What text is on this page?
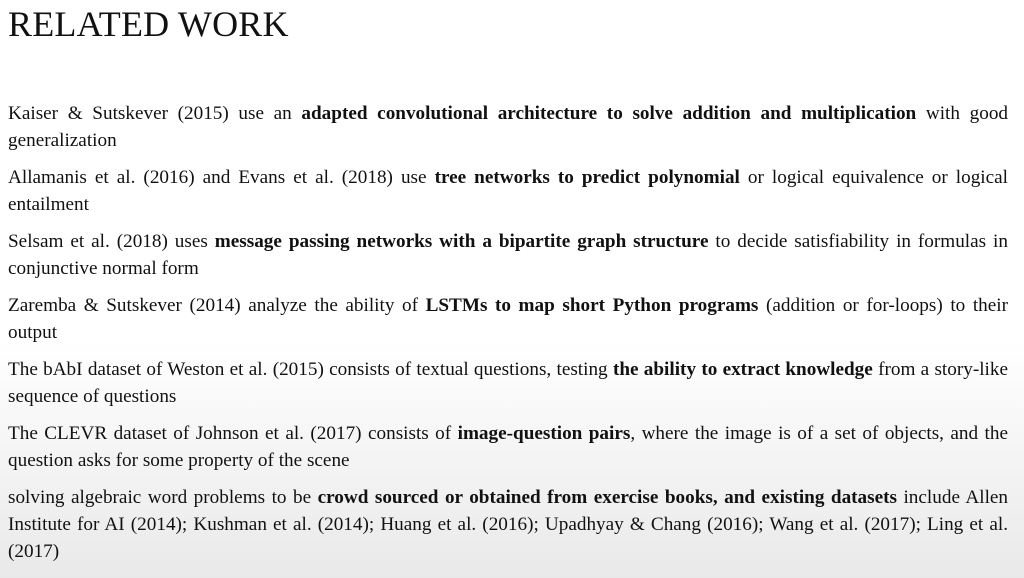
RELATED WORK

Kaiser & Sutskever (2015) use an adapted convolutional architecture to solve addition and multiplication with good generalization

Allamanis et al. (2016) and Evans et al. (2018) use tree networks to predict polynomial or logical equivalence or logical entailment

Selsam et al. (2018) uses message passing networks with a bipartite graph structure to decide satisfiability in formulas in conjunctive normal form

Zaremba & Sutskever (2014) analyze the ability of LSTMs to map short Python programs (addition or for-loops) to their output

The bAbI dataset of Weston et al. (2015) consists of textual questions, testing the ability to extract knowledge from a story-like sequence of questions

The CLEVR dataset of Johnson et al. (2017) consists of image-question pairs, where the image is of a set of objects, and the question asks for some property of the scene

solving algebraic word problems to be crowd sourced or obtained from exercise books, and existing datasets include Allen Institute for AI (2014); Kushman et al. (2014); Huang et al. (2016); Upadhyay & Chang (2016); Wang et al. (2017); Ling et al. (2017)
